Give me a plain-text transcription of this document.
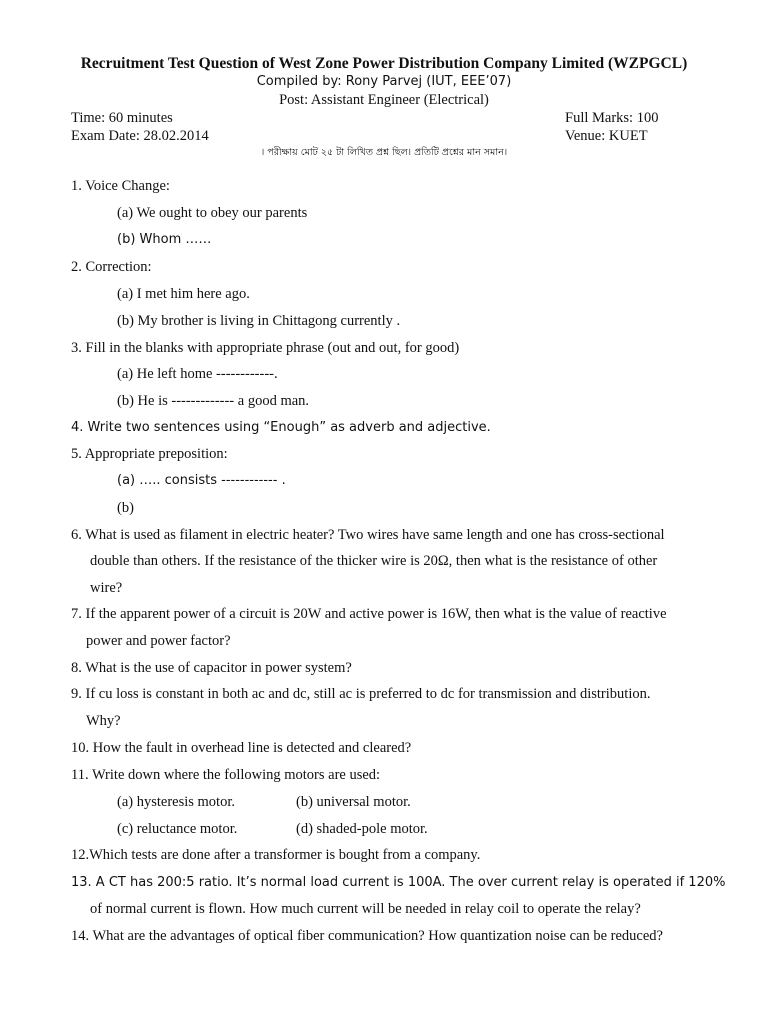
Recruitment Test Question of West Zone Power Distribution Company Limited (WZPGCL)
Compiled by: Rony Parvej (IUT, EEE’07)
Post: Assistant Engineer (Electrical)
Time: 60 minutes	Full Marks: 100
Exam Date: 28.02.2014	Venue: KUET
। পরীক্ষায় মোট ২৫ টা লিখিত প্রশ্ন ছিল। প্রতিটি প্রশ্নের মান সমান।
1. Voice Change:
(a) We ought to obey our parents
(b) Whom ……
2. Correction:
(a) I met him here ago.
(b) My brother is living in Chittagong currently .
3. Fill in the blanks with appropriate phrase (out and out, for good)
(a) He left home ------------.
(b) He is ------------- a good man.
4. Write two sentences using “Enough” as adverb and adjective.
5. Appropriate preposition:
(a) ….. consists ------------ .
(b)
6. What is used as filament in electric heater? Two wires have same length and one has cross-sectional
double than others. If the resistance of the thicker wire is 20Ω, then what is the resistance of other
wire?
7. If the apparent power of a circuit is 20W and active power is 16W, then what is the value of reactive
power and power factor?
8. What is the use of capacitor in power system?
9. If cu loss is constant in both ac and dc, still ac is preferred to dc for transmission and distribution.
Why?
10. How the fault in overhead line is detected and cleared?
11. Write down where the following motors are used:
(a) hysteresis motor.	(b) universal motor.
(c) reluctance motor.	(d) shaded-pole motor.
12.Which tests are done after a transformer is bought from a company.
13. A CT has 200:5 ratio. It’s normal load current is 100A. The over current relay is operated if 120%
of normal current is flown. How much current will be needed in relay coil to operate the relay?
14. What are the advantages of optical fiber communication? How quantization noise can be reduced?
